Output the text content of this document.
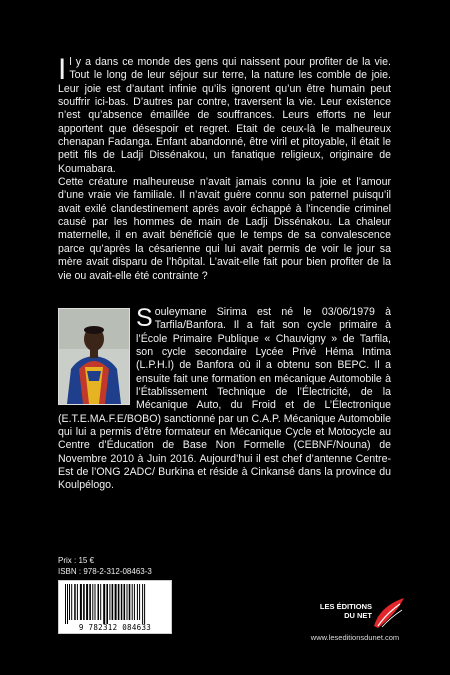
Il y a dans ce monde des gens qui naissent pour profiter de la vie. Tout le long de leur séjour sur terre, la nature les comble de joie. Leur joie est d’autant infinie qu’ils ignorent qu’un être humain peut souffrir ici-bas. D’autres par contre, traversent la vie. Leur existence n’est qu’absence émaillée de souffrances. Leurs efforts ne leur apportent que désespoir et regret. Etait de ceux-là le malheureux chenapan Fadanga. Enfant abandonné, être viril et pitoyable, il était le petit fils de Ladji Dissénakou, un fanatique religieux, originaire de Koumabara.

Cette créature malheureuse n’avait jamais connu la joie et l’amour d’une vraie vie familiale. Il n’avait guère connu son paternel puisqu’il avait exilé clandestinement après avoir échappé à l’incendie criminel causé par les hommes de main de Ladji Dissénakou. La chaleur maternelle, il en avait bénéficié que le temps de sa convalescence parce qu’après la césarienne qui lui avait permis de voir le jour sa mère avait disparu de l’hôpital. L’avait-elle fait pour bien profiter de la vie ou avait-elle été contrainte ?

Souleymane Sirima est né le 03/06/1979 à Tarfila/Banfora. Il a fait son cycle primaire à l’École Primaire Publique « Chauvigny » de Tarfila, son cycle secondaire Lycée Privé Héma Intima (L.P.H.I) de Banfora où il a obtenu son BEPC. Il a ensuite fait une formation en mécanique Automobile à l’Établissement Technique de l’Électricité, de la Mécanique Auto, du Froid et de L’Électronique (E.T.E.MA.F.E/BOBO) sanctionné par un C.A.P. Mécanique Automobile qui lui a permis d’être formateur en Mécanique Cycle et Motocycle au Centre d’Éducation de Base Non Formelle (CEBNF/Nouna) de Novembre 2010 à Juin 2016. Aujourd’hui il est chef d’antenne Centre-Est de l’ONG 2ADC/ Burkina et réside à Cinkansé dans la province du Koulpélogo.
Prix : 15 €
ISBN : 978-2-312-08463-3
9 782312 084633
LES ÉDITIONS
DU NET
www.leseditionsdunet.com
